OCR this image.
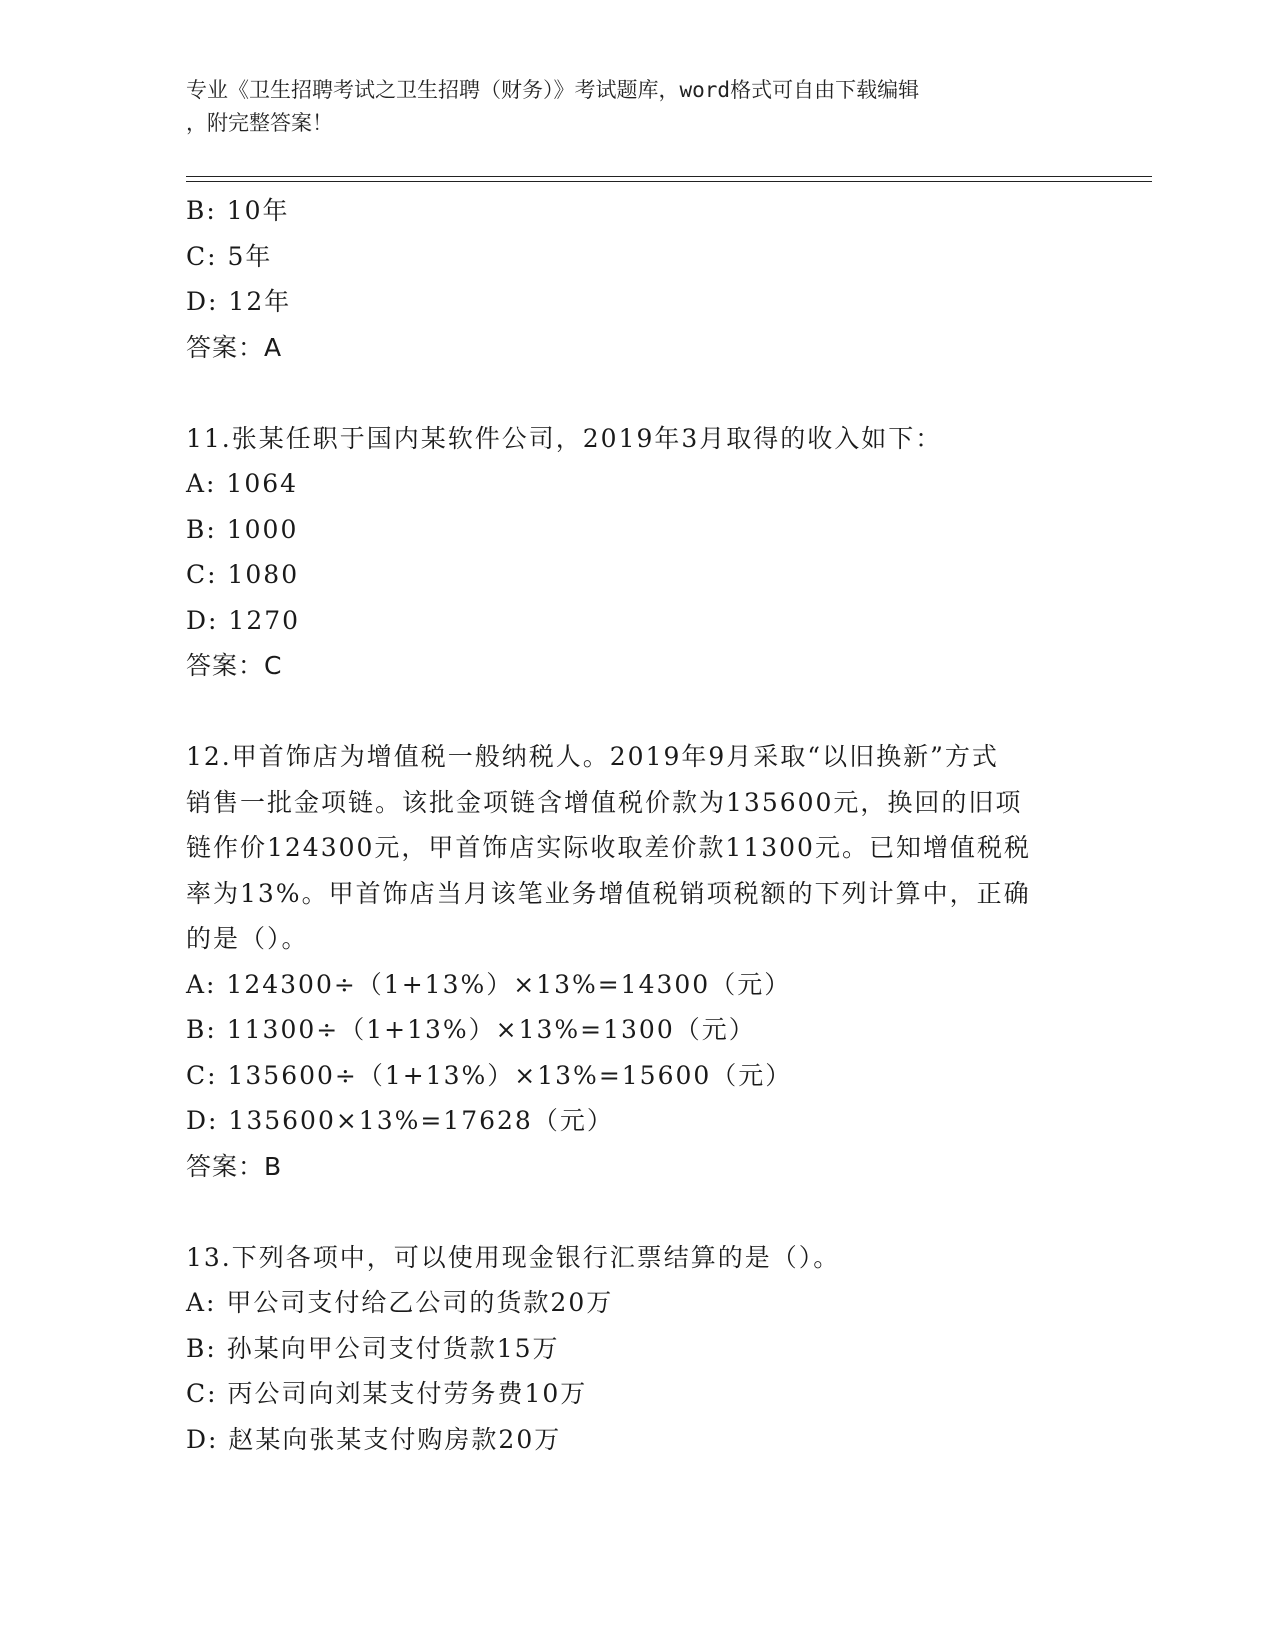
专业《卫生招聘考试之卫生招聘（财务）》考试题库，word格式可自由下载编辑
，附完整答案！
B: 10年
C: 5年
D: 12年
答案：A
11.张某任职于国内某软件公司，2019年3月取得的收入如下：
A: 1064
B: 1000
C: 1080
D: 1270
答案：C
12.甲首饰店为增值税一般纳税人。2019年9月采取“以旧换新”方式
销售一批金项链。该批金项链含增值税价款为135600元，换回的旧项
链作价124300元，甲首饰店实际收取差价款11300元。已知增值税税
率为13%。甲首饰店当月该笔业务增值税销项税额的下列计算中，正确
的是（）。
A: 124300÷（1+13%）×13%=14300（元）
B: 11300÷（1+13%）×13%=1300（元）
C: 135600÷（1+13%）×13%=15600（元）
D: 135600×13%=17628（元）
答案：B
13.下列各项中，可以使用现金银行汇票结算的是（）。
A: 甲公司支付给乙公司的货款20万
B: 孙某向甲公司支付货款15万
C: 丙公司向刘某支付劳务费10万
D: 赵某向张某支付购房款20万
